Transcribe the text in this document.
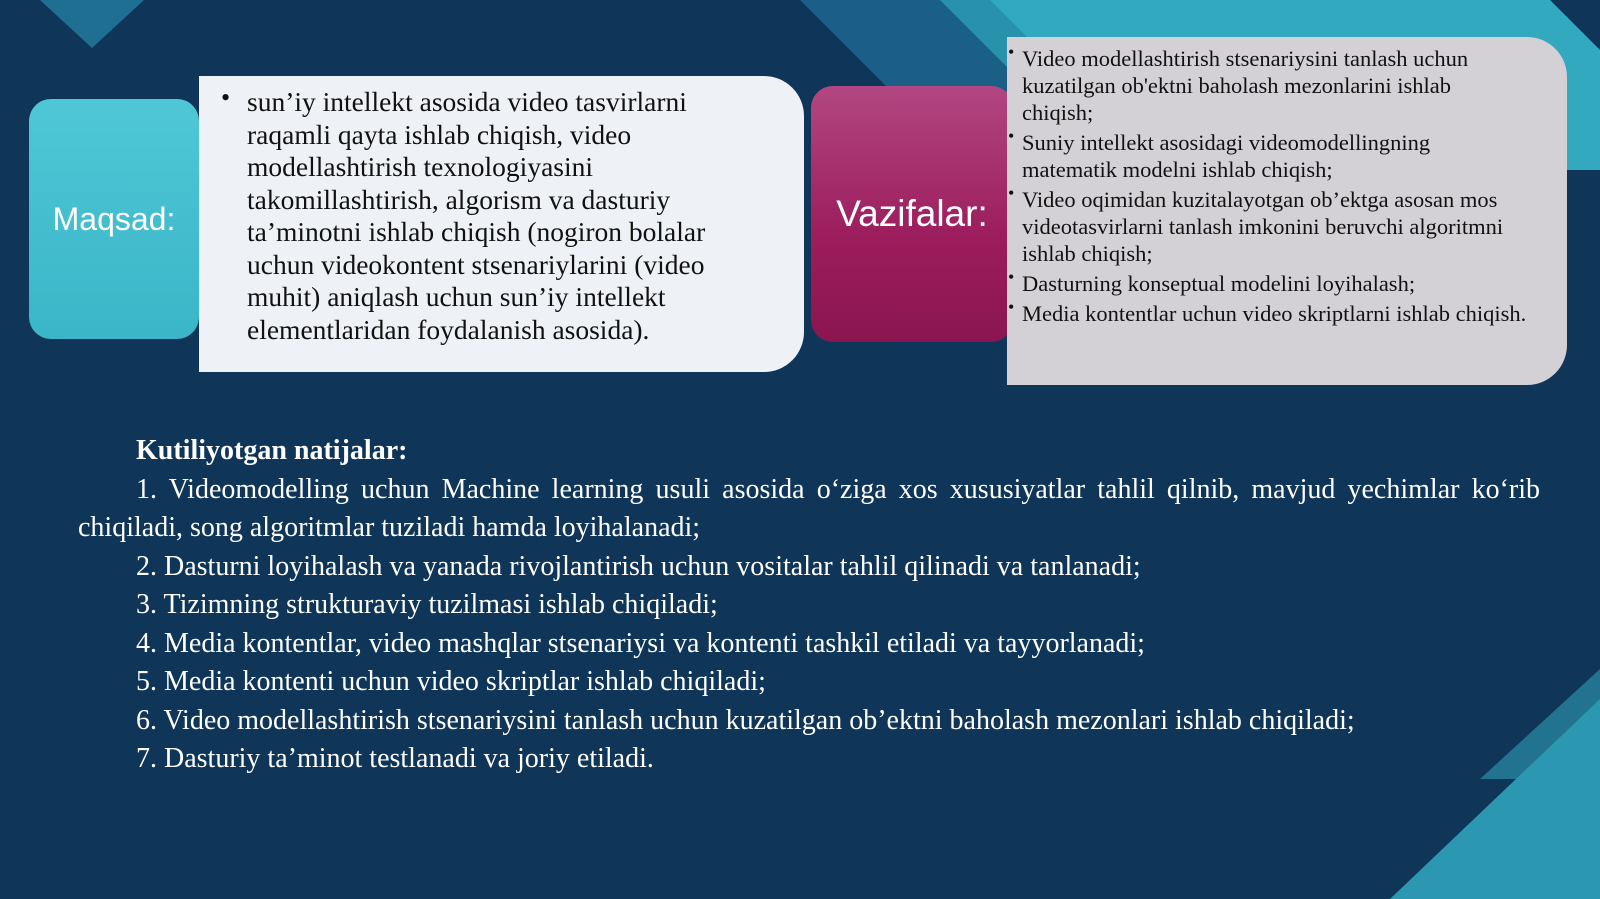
Maqsad:
• sun’iy intellekt asosida video tasvirlarni raqamli qayta ishlab chiqish, video modellashtirish texnologiyasini takomillashtirish, algorism va dasturiy ta’minotni ishlab chiqish (nogiron bolalar uchun videokontent stsenariylarini (video muhit) aniqlash uchun sun’iy intellekt elementlaridan foydalanish asosida).
Vazifalar:
• Video modellashtirish stsenariysini tanlash uchun kuzatilgan ob'ektni baholash mezonlarini ishlab chiqish;
• Suniy intellekt asosidagi videomodellingning matematik modelni ishlab chiqish;
• Video oqimidan kuzitalayotgan ob’ektga asosan mos videotasvirlarni tanlash imkonini beruvchi algoritmni ishlab chiqish;
• Dasturning konseptual modelini loyihalash;
• Media kontentlar uchun video skriptlarni ishlab chiqish.

Kutiliyotgan natijalar:

1. Videomodelling uchun Machine learning usuli asosida o‘ziga xos xususiyatlar tahlil qilnib, mavjud yechimlar ko‘rib chiqiladi, song algoritmlar tuziladi hamda loyihalanadi;

2. Dasturni loyihalash va yanada rivojlantirish uchun vositalar tahlil qilinadi va tanlanadi;

3. Tizimning strukturaviy tuzilmasi ishlab chiqiladi;

4. Media kontentlar, video mashqlar stsenariysi va kontenti tashkil etiladi va tayyorlanadi;

5. Media kontenti uchun video skriptlar ishlab chiqiladi;

6. Video modellashtirish stsenariysini tanlash uchun kuzatilgan ob’ektni baholash mezonlari ishlab chiqiladi;

7. Dasturiy ta’minot testlanadi va joriy etiladi.
